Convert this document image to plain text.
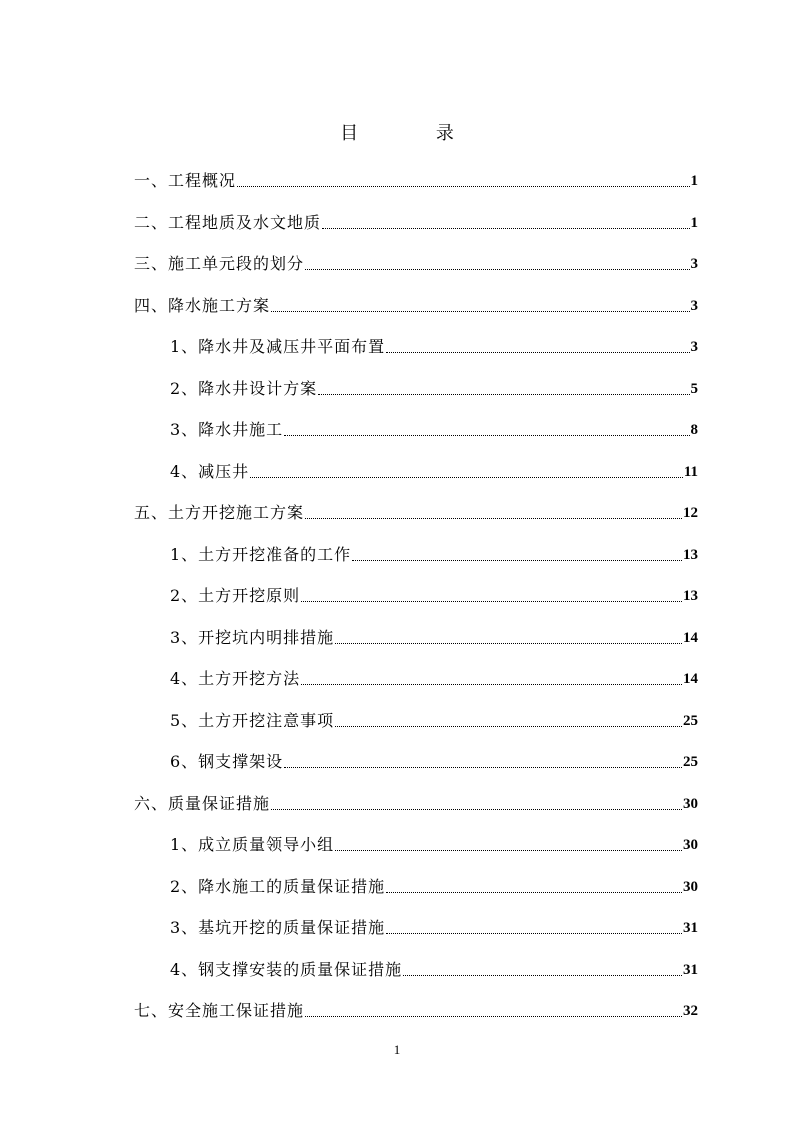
目	录
一、工程概况	1
二、工程地质及水文地质	1
三、施工单元段的划分	3
四、降水施工方案	3
1、降水井及减压井平面布置	3
2、降水井设计方案	5
3、降水井施工	8
4、减压井	11
五、土方开挖施工方案	12
1、土方开挖准备的工作	13
2、土方开挖原则	13
3、开挖坑内明排措施	14
4、土方开挖方法	14
5、土方开挖注意事项	25
6、钢支撑架设	25
六、质量保证措施	30
1、成立质量领导小组	30
2、降水施工的质量保证措施	30
3、基坑开挖的质量保证措施	31
4、钢支撑安装的质量保证措施	31
七、安全施工保证措施	32
1
